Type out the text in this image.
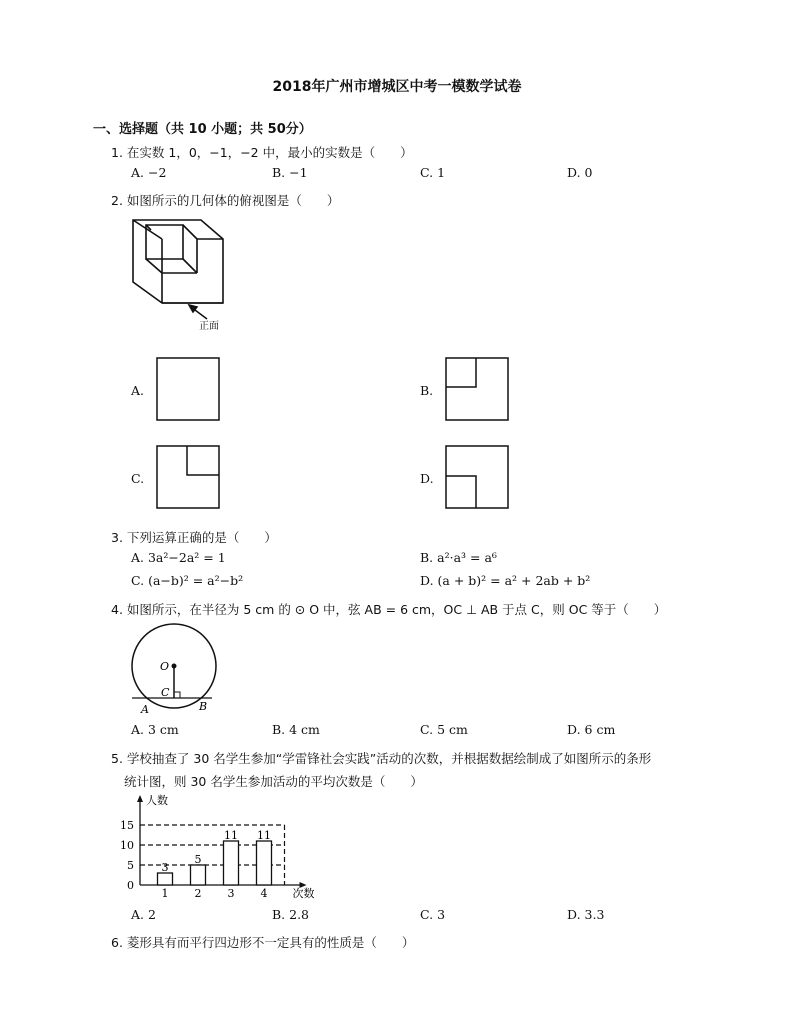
2018年广州市增城区中考一模数学试卷
一、选择题（共 10 小题；共 50分）
1. 在实数 1，0，−1，−2 中，最小的实数是（　　）
A. −2	B. −1	C. 1	D. 0
2. 如图所示的几何体的俯视图是（　　）
正面
A.	B.
C.	D.
3. 下列运算正确的是（　　）
A. 3a²−2a² = 1	B. a²·a³ = a⁶
C. (a−b)² = a²−b²	D. (a + b)² = a² + 2ab + b²
4. 如图所示，在半径为 5 cm 的 ⊙ O 中，弦 AB = 6 cm，OC ⊥ AB 于点 C，则 OC 等于（　　）
O
C
A	B
A. 3 cm	B. 4 cm	C. 5 cm	D. 6 cm
5. 学校抽查了 30 名学生参加“学雷锋社会实践”活动的次数，并根据数据绘制成了如图所示的条形
统计图，则 30 名学生参加活动的平均次数是（　　）
0
5
10
15
人数
次数
3
1
5
2
11
3
11
4
A. 2	B. 2.8	C. 3	D. 3.3
6. 菱形具有而平行四边形不一定具有的性质是（　　）
